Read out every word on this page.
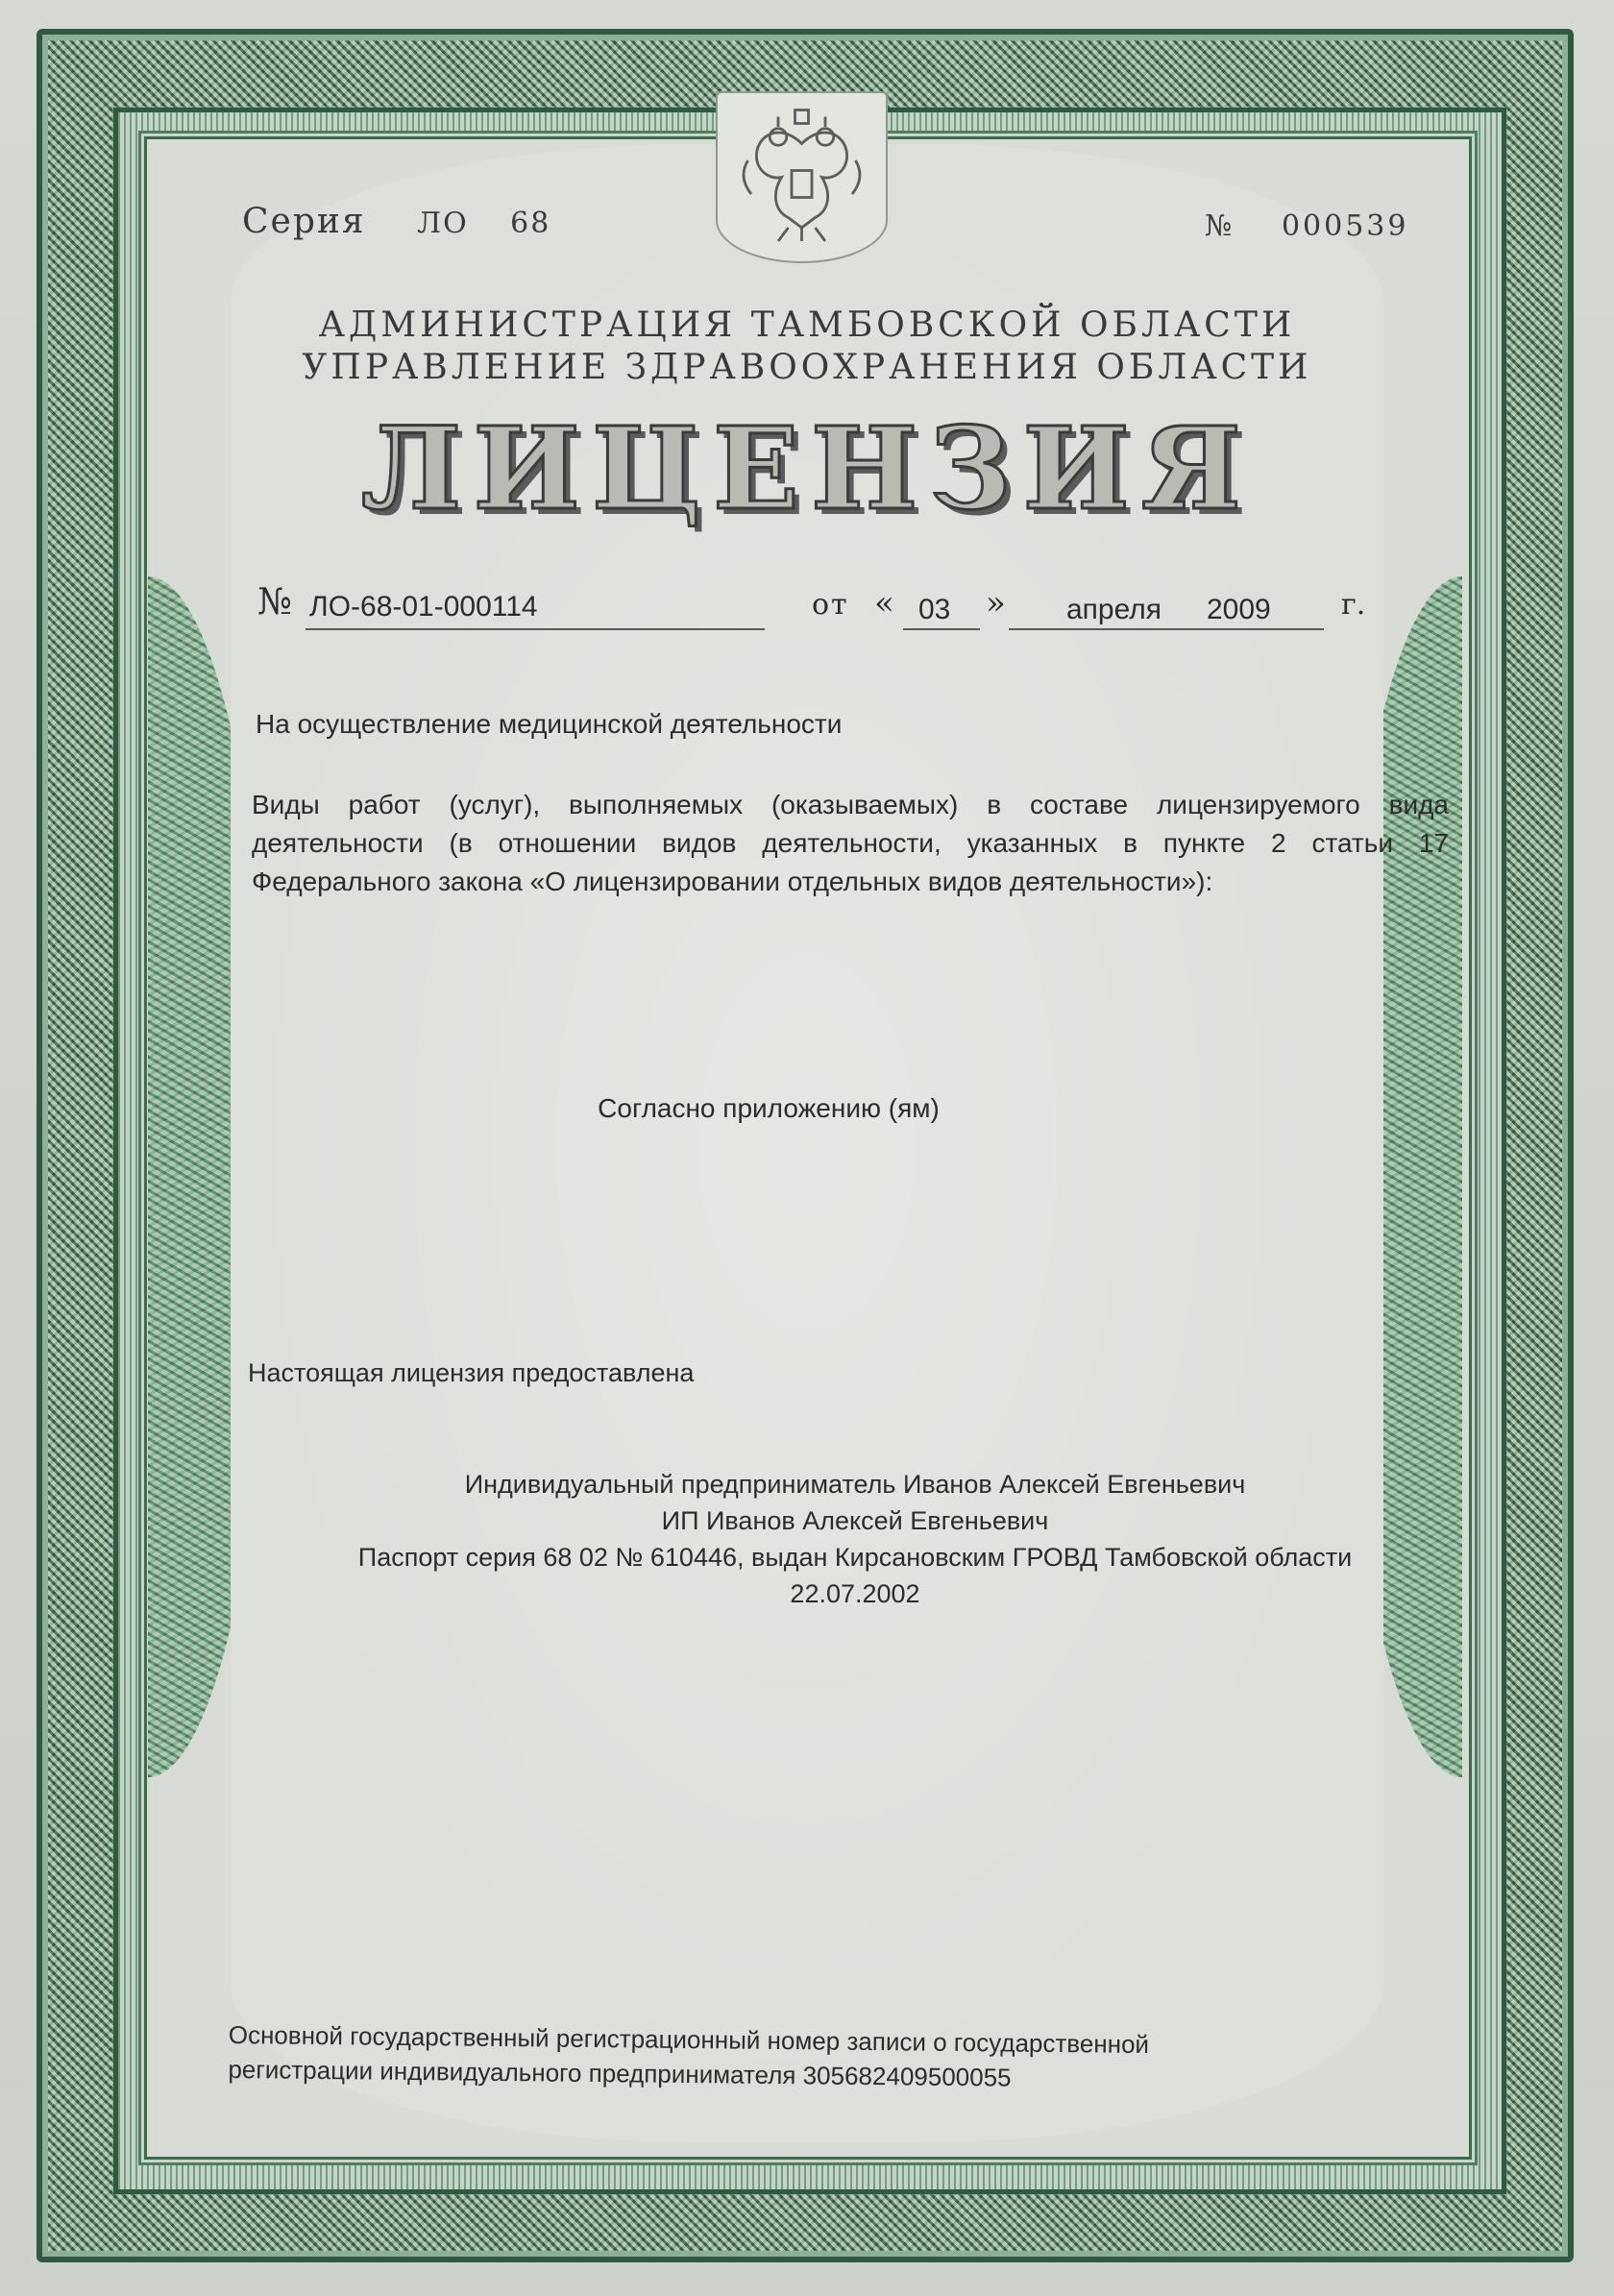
Серия ЛО 68	№ 000539
АДМИНИСТРАЦИЯ ТАМБОВСКОЙ ОБЛАСТИ
УПРАВЛЕНИЕ ЗДРАВООХРАНЕНИЯ ОБЛАСТИ
ЛИЦЕНЗИЯ
№ ЛО-68-01-000114	от « 03 » апреля 2009 г.
На осуществление медицинской деятельности
Виды работ (услуг), выполняемых (оказываемых) в составе лицензируемого вида деятельности (в отношении видов деятельности, указанных в пункте 2 статьи 17 Федерального закона «О лицензировании отдельных видов деятельности»):
Согласно приложению (ям)
Настоящая лицензия предоставлена
Индивидуальный предприниматель Иванов Алексей Евгеньевич
ИП Иванов Алексей Евгеньевич
Паспорт серия 68 02 № 610446, выдан Кирсановским ГРОВД Тамбовской области
22.07.2002
Основной государственный регистрационный номер записи о государственной
регистрации индивидуального предпринимателя 305682409500055
